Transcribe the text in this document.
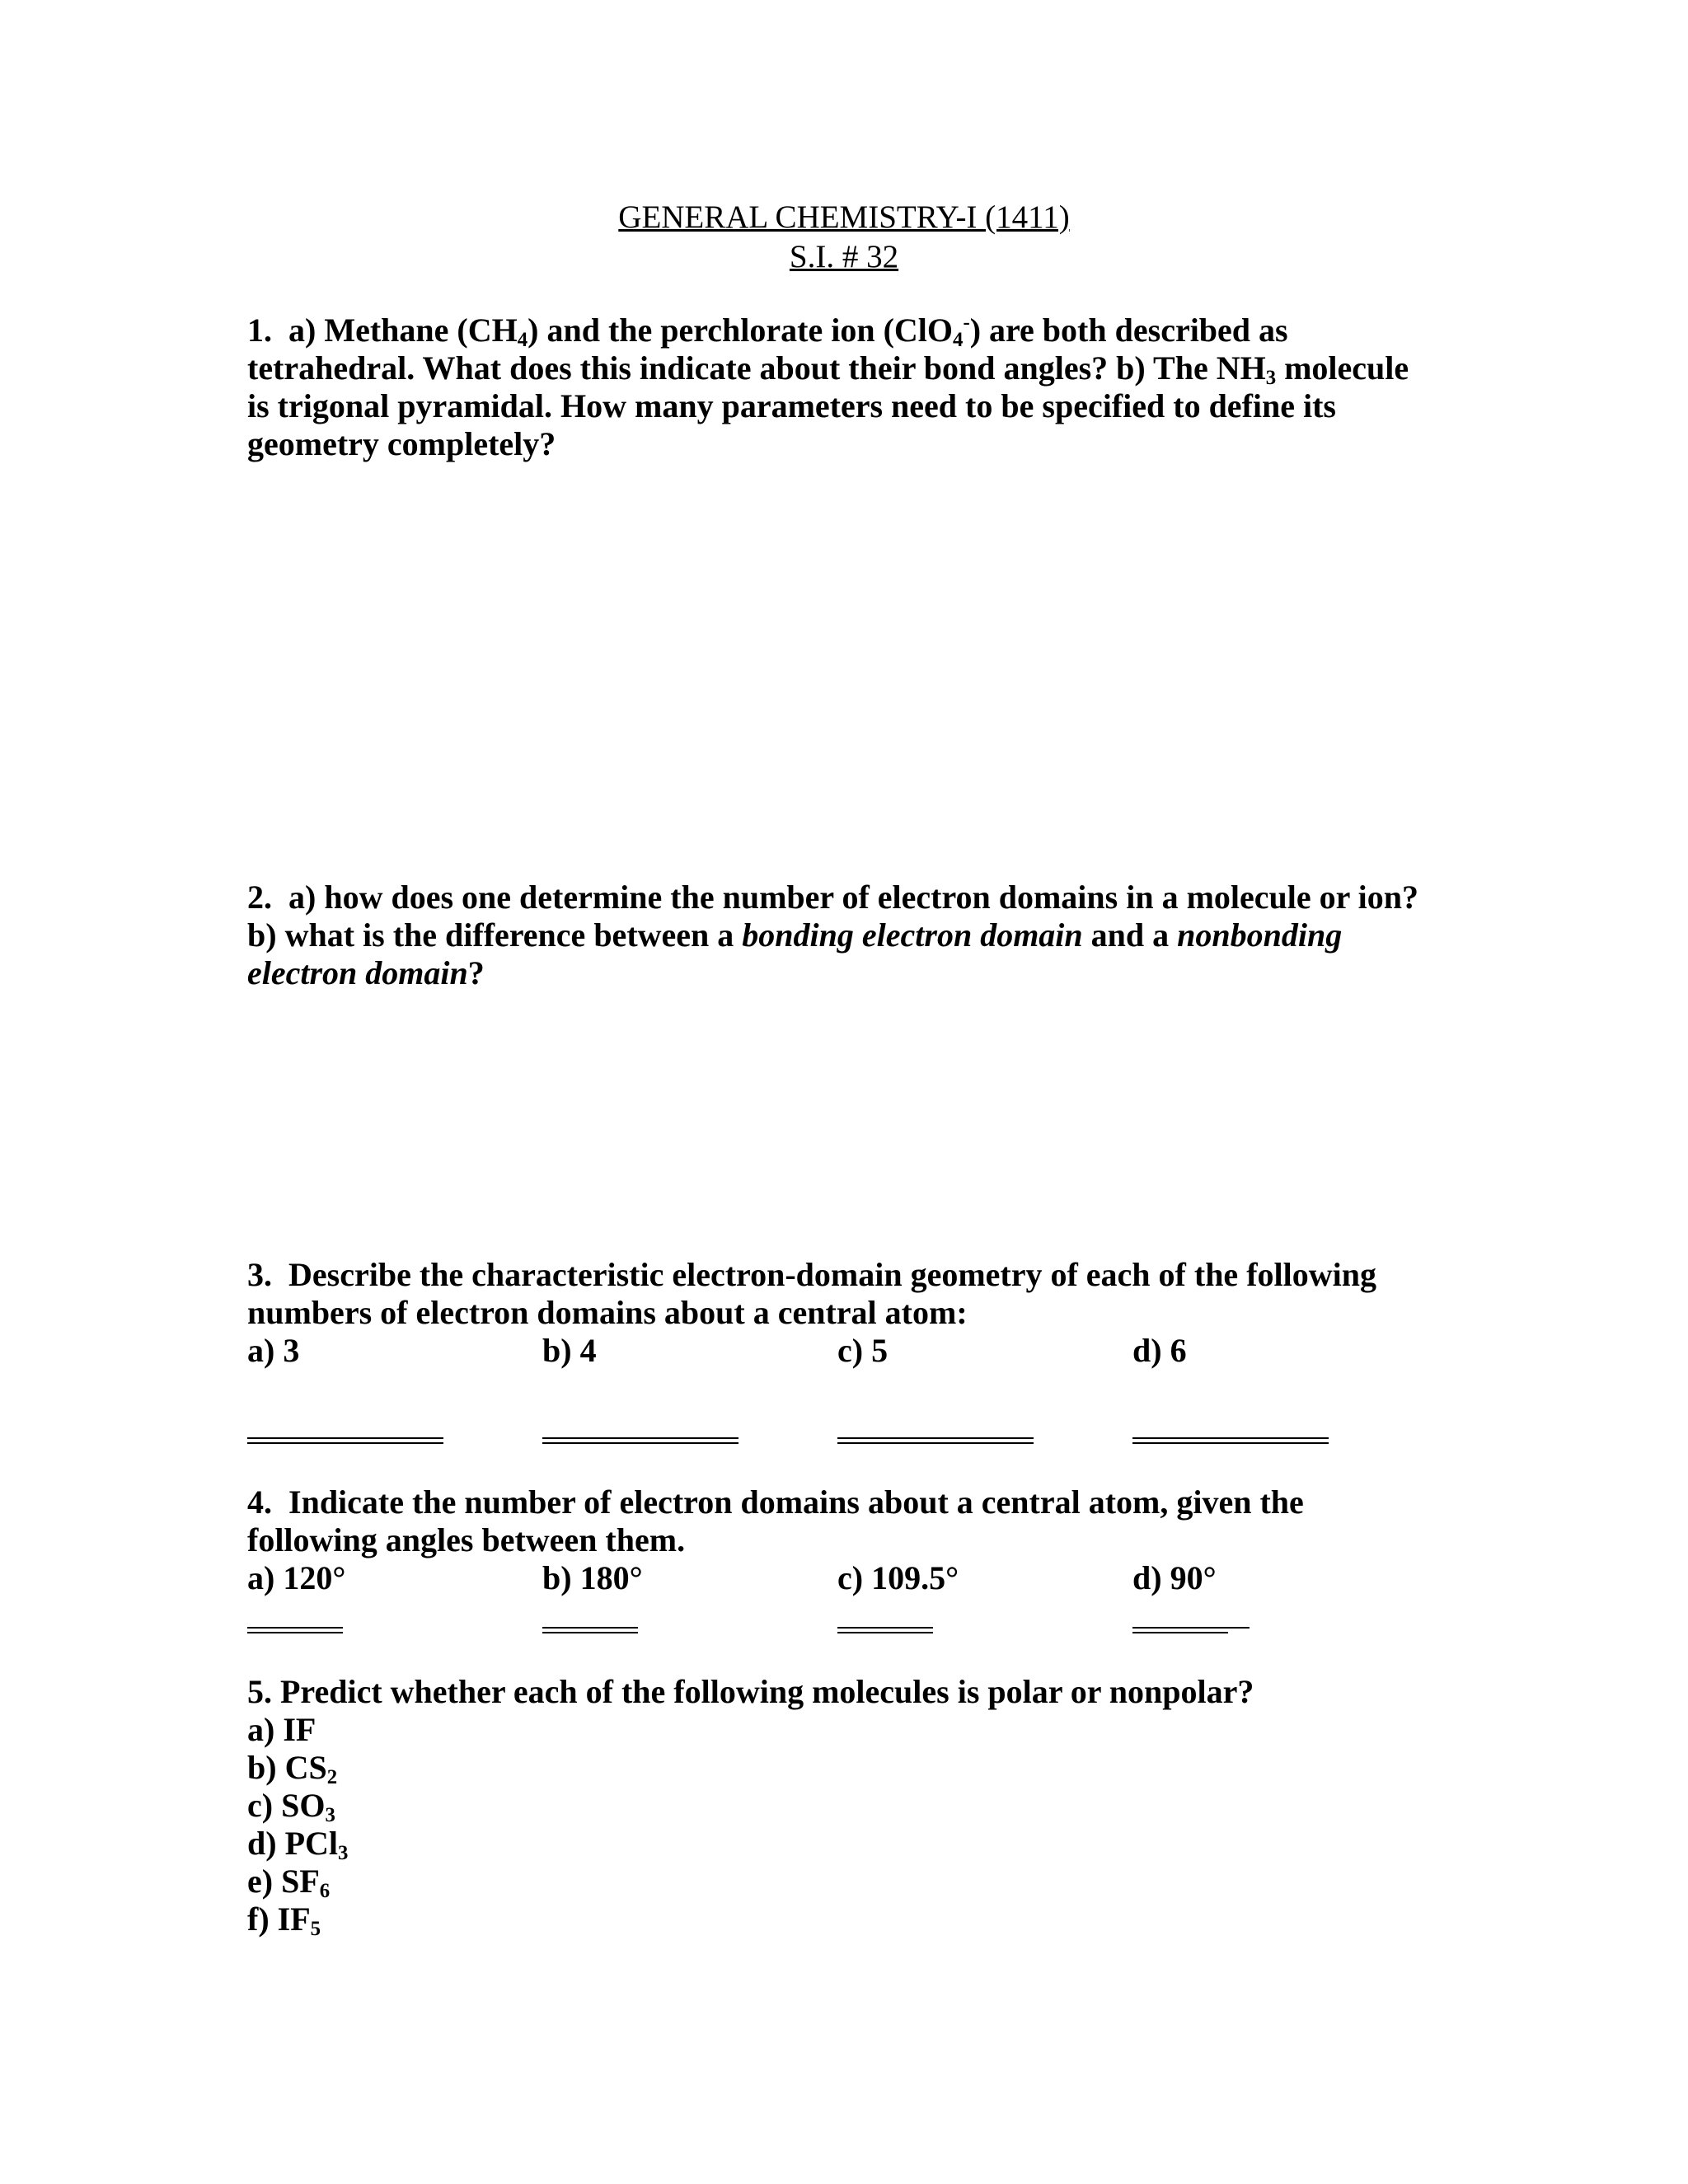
GENERAL CHEMISTRY-I (1411)
S.I. # 32

1. a) Methane $(CH_4)$ and the perchlorate ion (ClO$_4$-) are both described as tetrahedral. What does this indicate about their bond angles? b) The $NH_3$ molecule is trigonal pyramidal. How many parameters need to be specified to define its geometry completely?

2. a) how does one determine the number of electron domains in a molecule or ion?

b) what is the difference between a bonding electron domain and a nonbonding electron domain?

3. Describe the characteristic electron-domain geometry of each of the following numbers of electron domains about a central atom:

a) 3	b) 4	c) 5	d) 6

4. Indicate the number of electron domains about a central atom, given the following angles between them.

a) 120°	b) 180°	c) 109.5°	d) 90°

5. Predict whether each of the following molecules is polar or nonpolar?

a) IF
b) $CS_2$
c) $SO_3$
d) PCl$_3$
e) $SF_6$
f) $IF_5$
